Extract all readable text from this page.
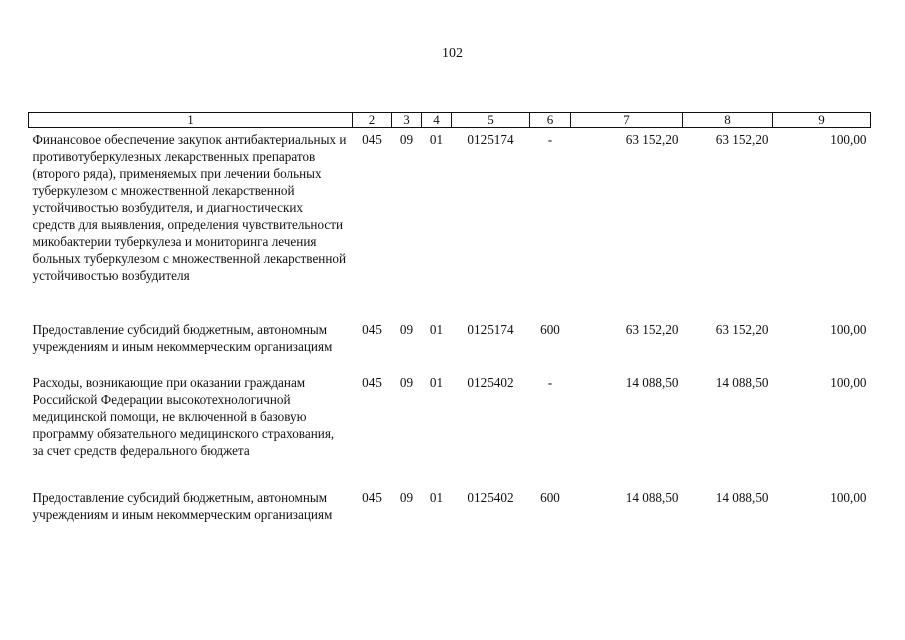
102
1	2	3	4	5	6	7	8	9
Финансовое обеспечение закупок антибактериальных и противотуберкулезных лекарственных препаратов (второго ряда), применяемых при лечении больных туберкулезом с множественной лекарственной устойчивостью возбудителя, и диагностических средств для выявления, определения чувствительности микобактерии туберкулеза и мониторинга лечения больных туберкулезом с множественной лекарственной устойчивостью возбудителя	045	09	01	0125174	-	63 152,20	63 152,20	100,00
Предоставление субсидий бюджетным, автономным учреждениям и иным некоммерческим организациям	045	09	01	0125174	600	63 152,20	63 152,20	100,00
Расходы, возникающие при оказании гражданам Российской Федерации высокотехнологичной медицинской помощи, не включенной в базовую программу обязательного медицинского страхования, за счет средств федерального бюджета	045	09	01	0125402	-	14 088,50	14 088,50	100,00
Предоставление субсидий бюджетным, автономным учреждениям и иным некоммерческим организациям	045	09	01	0125402	600	14 088,50	14 088,50	100,00
